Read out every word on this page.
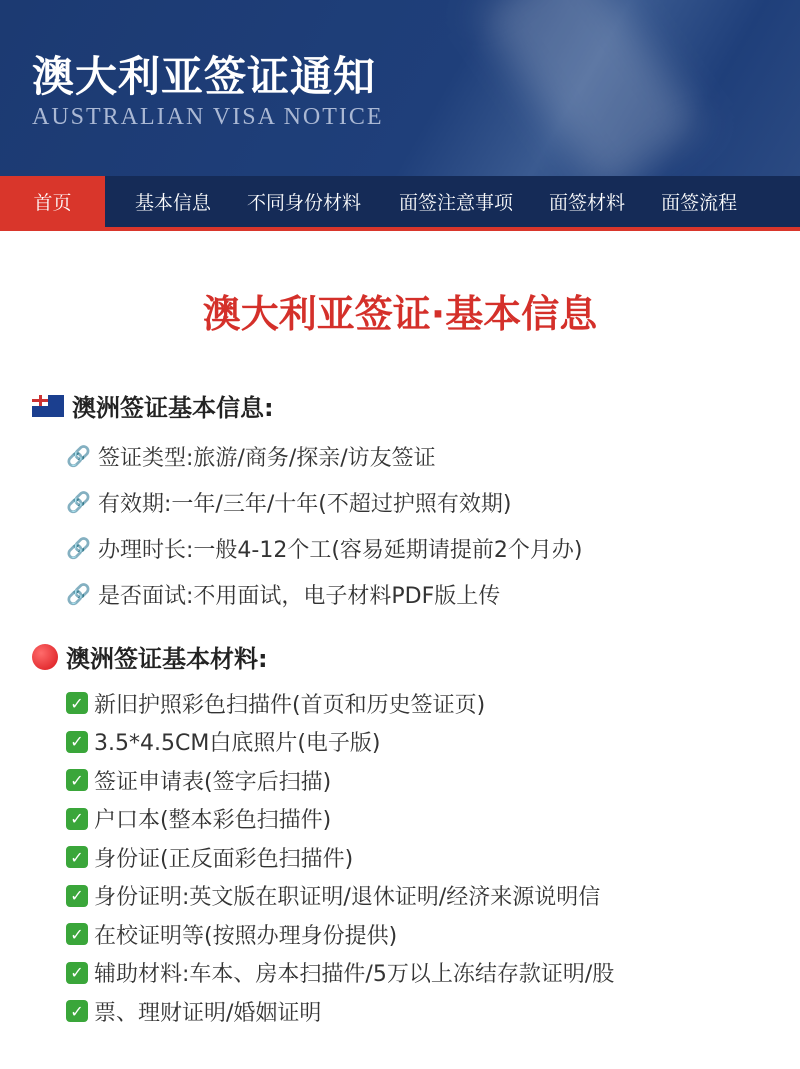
澳大利亚签证通知
AUSTRALIAN VISA NOTICE
首页	基本信息	不同身份材料	面签注意事项	面签材料	面签流程
澳大利亚签证·基本信息
澳洲签证基本信息:
🔗 签证类型:旅游/商务/探亲/访友签证
🔗 有效期:一年/三年/十年(不超过护照有效期)
🔗 办理时长:一般4-12个工(容易延期请提前2个月办)
🔗 是否面试:不用面试，电子材料PDF版上传
澳洲签证基本材料:
✓ 新旧护照彩色扫描件(首页和历史签证页)
✓ 3.5*4.5CM白底照片(电子版)
✓ 签证申请表(签字后扫描)
✓ 户口本(整本彩色扫描件)
✓ 身份证(正反面彩色扫描件)
✓ 身份证明:英文版在职证明/退休证明/经济来源说明信
✓ 在校证明等(按照办理身份提供)
✓ 辅助材料:车本、房本扫描件/5万以上冻结存款证明/股
✓ 票、理财证明/婚姻证明
